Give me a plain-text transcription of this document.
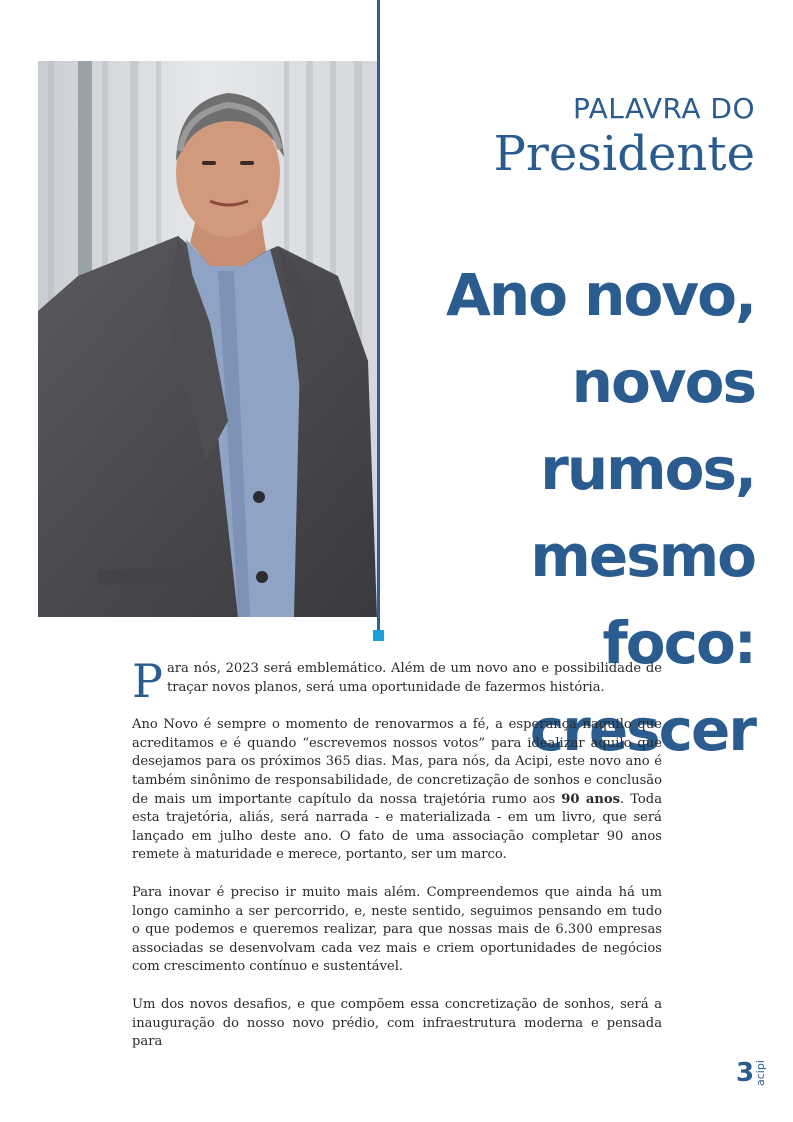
PALAVRA DO
Presidente
Ano novo,
novos rumos,
mesmo foco:
crescer

Para nós, 2023 será emblemático. Além de um novo ano e possibilidade de traçar novos planos, será uma oportunidade de fazermos história.

Ano Novo é sempre o momento de renovarmos a fé, a esperança naquilo que acreditamos e é quando “escrevemos nossos votos” para idealizar aquilo que desejamos para os próximos 365 dias. Mas, para nós, da Acipi, este novo ano é também sinônimo de responsabilidade, de concretização de sonhos e conclusão de mais um importante capítulo da nossa trajetória rumo aos 90 anos. Toda esta trajetória, aliás, será narrada - e materializada - em um livro, que será lançado em julho deste ano. O fato de uma associação completar 90 anos remete à maturidade e merece, portanto, ser um marco.

Para inovar é preciso ir muito mais além. Compreendemos que ainda há um longo caminho a ser percorrido, e, neste sentido, seguimos pensando em tudo o que podemos e queremos realizar, para que nossas mais de 6.300 empresas associadas se desenvolvam cada vez mais e criem oportunidades de negócios com crescimento contínuo e sustentável.

Um dos novos desafios, e que compõem essa concretização de sonhos, será a inauguração do nosso novo prédio, com infraestrutura moderna e pensada para

3 acipi
